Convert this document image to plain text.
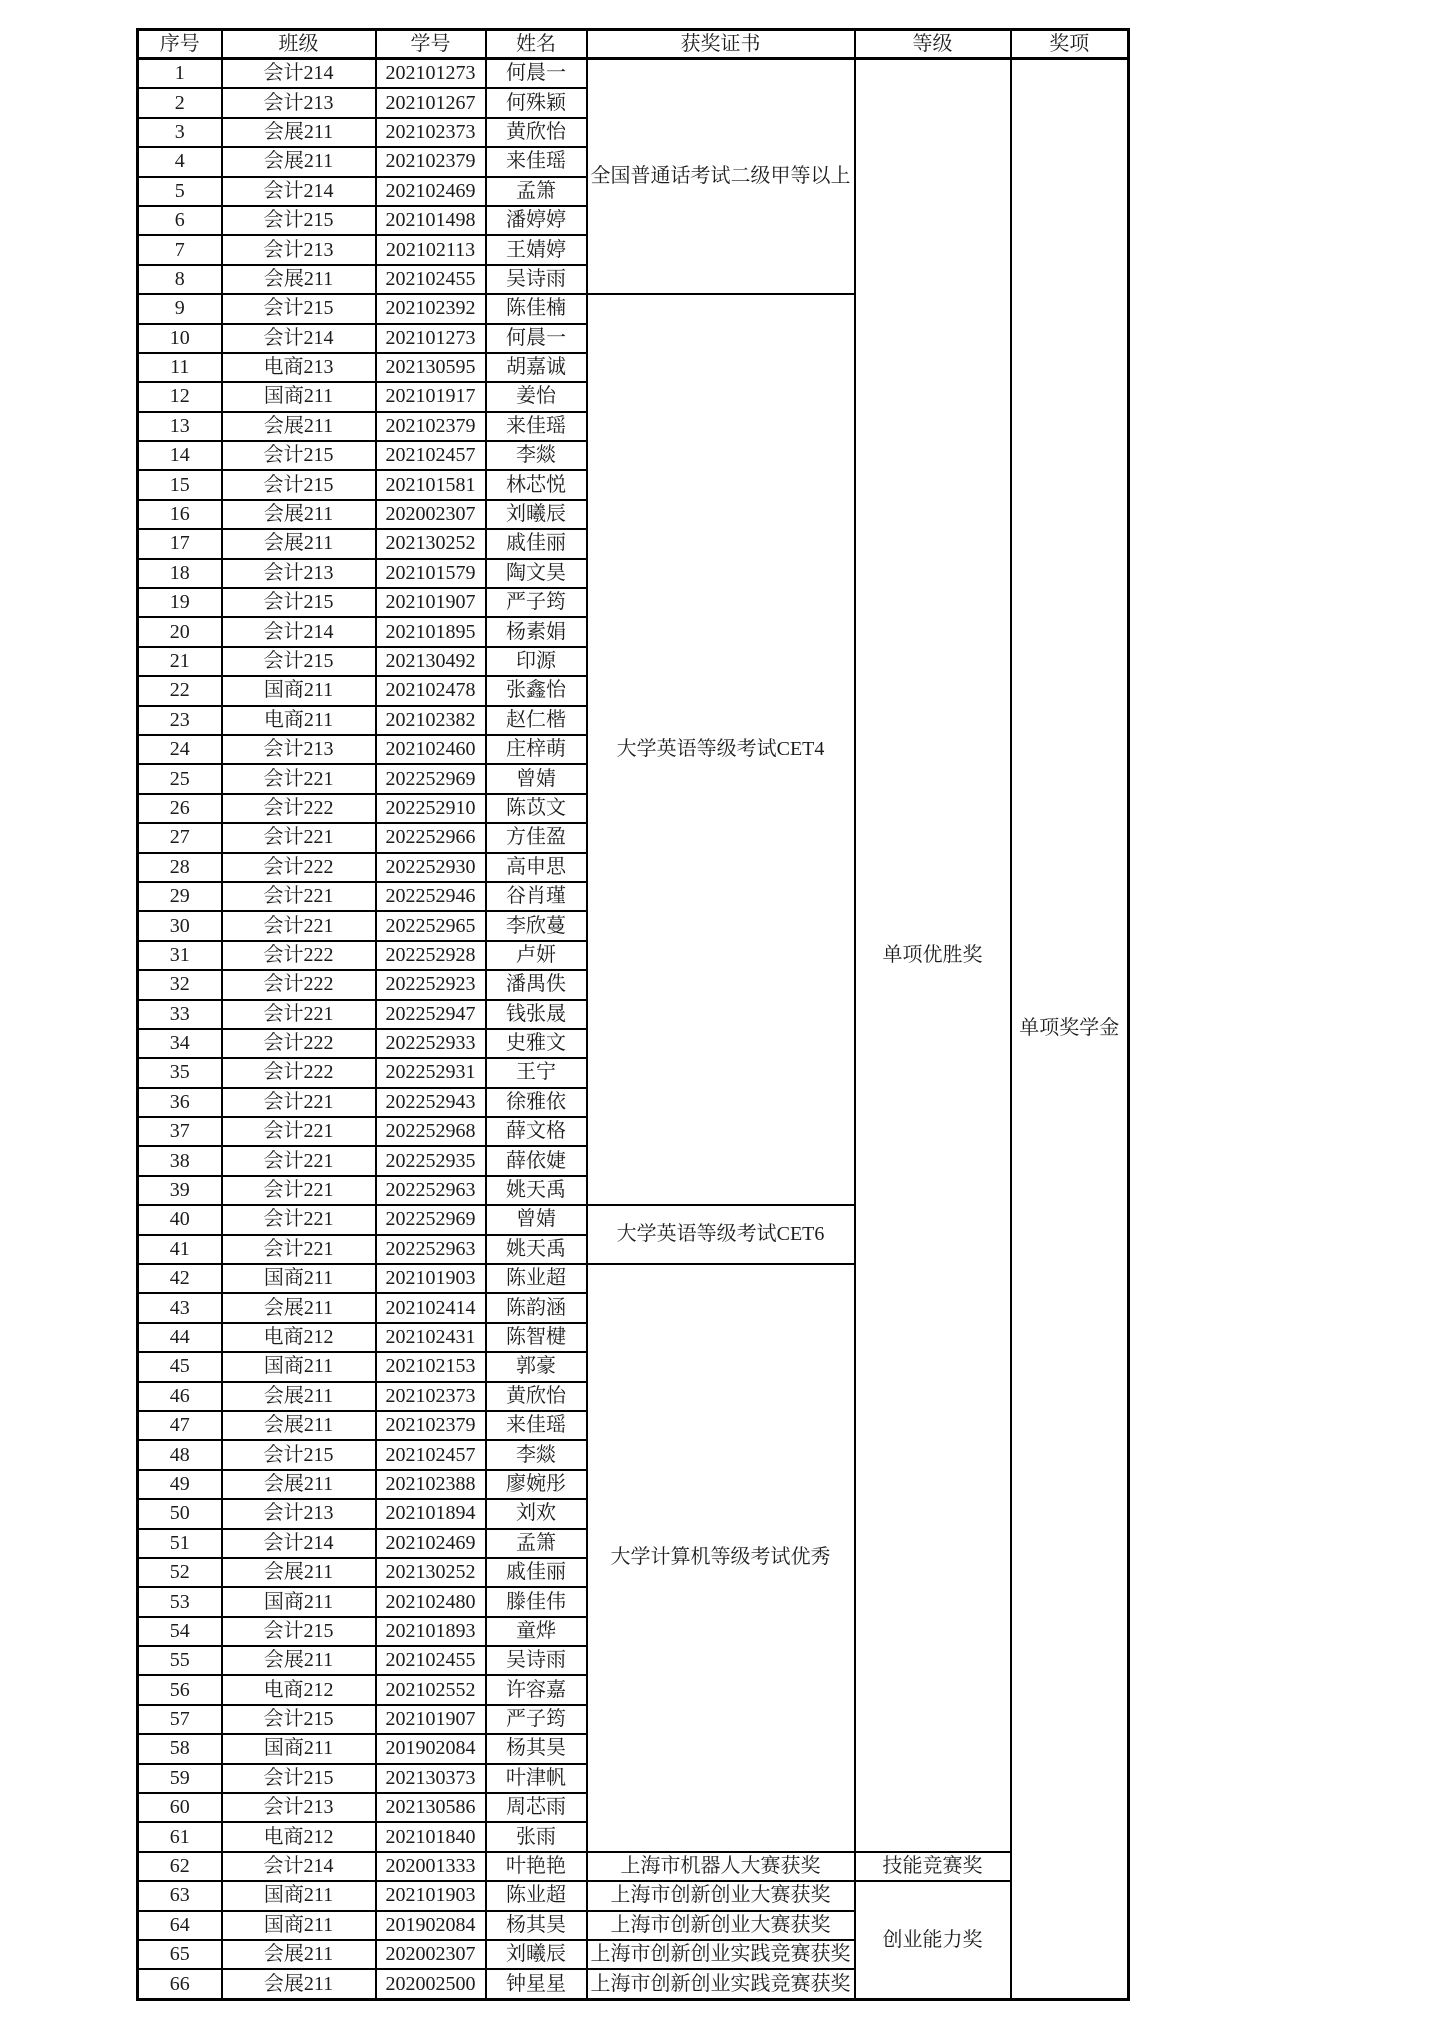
序号	班级	学号	姓名	获奖证书	等级	奖项
1	会计214	202101273	何晨一	全国普通话考试二级甲等以上	单项优胜奖	单项奖学金
2	会计213	202101267	何殊颖			
3	会展211	202102373	黄欣怡			
4	会展211	202102379	来佳瑶			
5	会计214	202102469	孟箫			
6	会计215	202101498	潘婷婷			
7	会计213	202102113	王婧婷			
8	会展211	202102455	吴诗雨			
9	会计215	202102392	陈佳楠	大学英语等级考试CET4		
10	会计214	202101273	何晨一			
11	电商213	202130595	胡嘉诚			
12	国商211	202101917	姜怡			
13	会展211	202102379	来佳瑶			
14	会计215	202102457	李燚			
15	会计215	202101581	林芯悦			
16	会展211	202002307	刘曦辰			
17	会展211	202130252	戚佳丽			
18	会计213	202101579	陶文昊			
19	会计215	202101907	严子筠			
20	会计214	202101895	杨素娟			
21	会计215	202130492	印源			
22	国商211	202102478	张鑫怡			
23	电商211	202102382	赵仁楷			
24	会计213	202102460	庄梓萌			
25	会计221	202252969	曾婧			
26	会计222	202252910	陈苡文			
27	会计221	202252966	方佳盈			
28	会计222	202252930	高申思			
29	会计221	202252946	谷肖瑾			
30	会计221	202252965	李欣蔓			
31	会计222	202252928	卢妍			
32	会计222	202252923	潘禺佚			
33	会计221	202252947	钱张晟			
34	会计222	202252933	史雅文			
35	会计222	202252931	王宁			
36	会计221	202252943	徐雅依			
37	会计221	202252968	薛文格			
38	会计221	202252935	薛依婕			
39	会计221	202252963	姚天禹			
40	会计221	202252969	曾婧	大学英语等级考试CET6		
41	会计221	202252963	姚天禹			
42	国商211	202101903	陈业超	大学计算机等级考试优秀		
43	会展211	202102414	陈韵涵			
44	电商212	202102431	陈智楗			
45	国商211	202102153	郭豪			
46	会展211	202102373	黄欣怡			
47	会展211	202102379	来佳瑶			
48	会计215	202102457	李燚			
49	会展211	202102388	廖婉彤			
50	会计213	202101894	刘欢			
51	会计214	202102469	孟箫			
52	会展211	202130252	戚佳丽			
53	国商211	202102480	滕佳伟			
54	会计215	202101893	童烨			
55	会展211	202102455	吴诗雨			
56	电商212	202102552	许容嘉			
57	会计215	202101907	严子筠			
58	国商211	201902084	杨其昊			
59	会计215	202130373	叶津帆			
60	会计213	202130586	周芯雨			
61	电商212	202101840	张雨			
62	会计214	202001333	叶艳艳	上海市机器人大赛获奖	技能竞赛奖	
63	国商211	202101903	陈业超	上海市创新创业大赛获奖	创业能力奖	
64	国商211	201902084	杨其昊	上海市创新创业大赛获奖		
65	会展211	202002307	刘曦辰	上海市创新创业实践竞赛获奖		
66	会展211	202002500	钟星星	上海市创新创业实践竞赛获奖		
